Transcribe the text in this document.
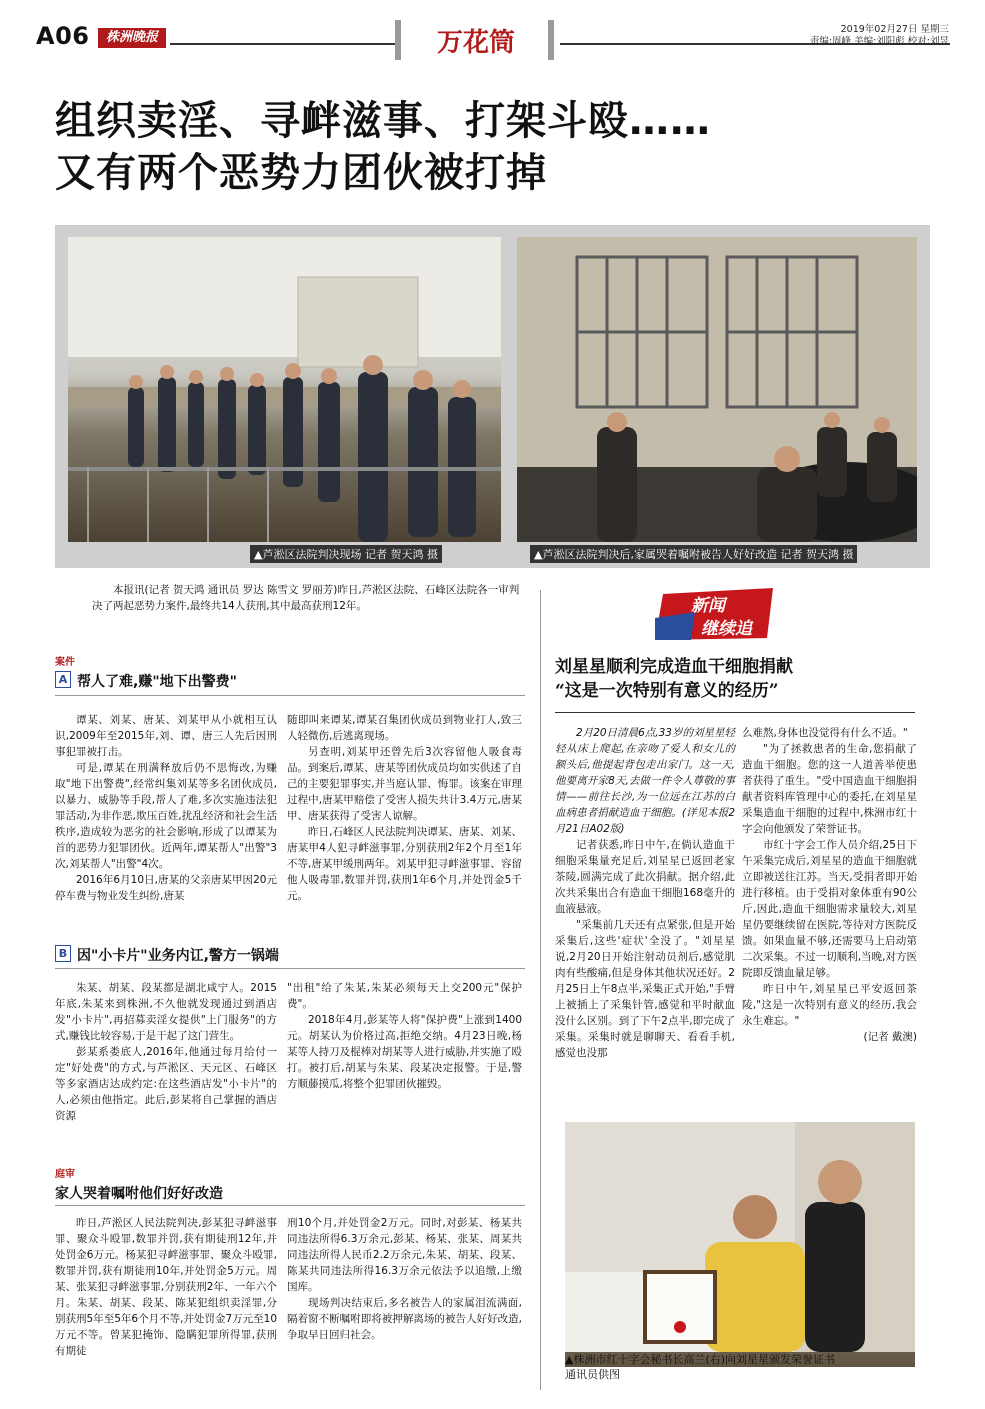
A06	株洲晚报	万花筒	2019年02月27日 星期三
责编:周峰 美编:刘阳彪 校对:刘昱
组织卖淫、寻衅滋事、打架斗殴……
又有两个恶势力团伙被打掉
▲芦淞区法院判决现场 记者 贺天鸿 摄	▲芦淞区法院判决后,家属哭着嘱咐被告人好好改造 记者 贺天鸿 摄
本报讯(记者 贺天鸿 通讯员 罗达 陈雪文 罗丽芳)昨日,芦淞区法院、石峰区法院各一审判决了两起恶势力案件,最终共14人获刑,其中最高获刑12年。
案件
A 帮人了难,赚"地下出警费"

谭某、刘某、唐某、刘某甲从小就相互认识,2009年至2015年,刘、谭、唐三人先后因刑事犯罪被打击。

可是,谭某在刑满释放后仍不思悔改,为赚取"地下出警费",经常纠集刘某等多名团伙成员,以暴力、威胁等手段,帮人了难,多次实施违法犯罪活动,为非作恶,欺压百姓,扰乱经济和社会生活秩序,造成较为恶劣的社会影响,形成了以谭某为首的恶势力犯罪团伙。近两年,谭某帮人"出警"3次,刘某帮人"出警"4次。

2016年6月10日,唐某的父亲唐某甲因20元停车费与物业发生纠纷,唐某

随即叫来谭某,谭某召集团伙成员到物业打人,致三人轻微伤,后逃离现场。

另查明,刘某甲还曾先后3次容留他人吸食毒品。到案后,谭某、唐某等团伙成员均如实供述了自己的主要犯罪事实,并当庭认罪、悔罪。该案在审理过程中,唐某甲赔偿了受害人损失共计3.4万元,唐某甲、唐某获得了受害人谅解。

昨日,石峰区人民法院判决谭某、唐某、刘某、唐某甲4人犯寻衅滋事罪,分别获刑2年2个月至1年不等,唐某甲缓刑两年。刘某甲犯寻衅滋事罪、容留他人吸毒罪,数罪并罚,获刑1年6个月,并处罚金5千元。

B 因"小卡片"业务内讧,警方一锅端

朱某、胡某、段某都是湖北咸宁人。2015年底,朱某来到株洲,不久他就发现通过到酒店发"小卡片",再招募卖淫女提供"上门服务"的方式,赚钱比较容易,于是干起了这门营生。

彭某系娄底人,2016年,他通过每月给付一定"好处费"的方式,与芦淞区、天元区、石峰区等多家酒店达成约定:在这些酒店发"小卡片"的人,必须由他指定。此后,彭某将自己掌握的酒店资源

"出租"给了朱某,朱某必须每天上交200元"保护费"。

2018年4月,彭某等人将"保护费"上涨到1400元。胡某认为价格过高,拒绝交纳。4月23日晚,杨某等人持刀及棍棒对胡某等人进行威胁,并实施了殴打。被打后,胡某与朱某、段某决定报警。于是,警方顺藤摸瓜,将整个犯罪团伙摧毁。

庭审
家人哭着嘱咐他们好好改造

昨日,芦淞区人民法院判决,彭某犯寻衅滋事罪、聚众斗殴罪,数罪并罚,获有期徒刑12年,并处罚金6万元。杨某犯寻衅滋事罪、聚众斗殴罪,数罪并罚,获有期徒刑10年,并处罚金5万元。周某、张某犯寻衅滋事罪,分别获刑2年、一年六个月。朱某、胡某、段某、陈某犯组织卖淫罪,分别获刑5年至5年6个月不等,并处罚金7万元至10万元不等。曾某犯掩饰、隐瞒犯罪所得罪,获刑有期徒

刑10个月,并处罚金2万元。同时,对彭某、杨某共同违法所得6.3万余元,彭某、杨某、张某、周某共同违法所得人民币2.2万余元,朱某、胡某、段某、陈某共同违法所得16.3万余元依法予以追缴,上缴国库。

现场判决结束后,多名被告人的家属泪流满面,隔着窗不断嘱咐即将被押解离场的被告人好好改造,争取早日回归社会。

新闻
继续追
刘星星顺利完成造血干细胞捐献
“这是一次特别有意义的经历”

2月20日清晨6点,33岁的刘星星轻轻从床上爬起,在亲吻了爱人和女儿的额头后,他提起背包走出家门。这一天,他要离开家8天,去做一件令人尊敬的事情——前往长沙,为一位远在江苏的白血病患者捐献造血干细胞。(详见本报2月21日A02版)

记者获悉,昨日中午,在倘认造血干细胞采集量充足后,刘星星已返回老家茶陵,圆满完成了此次捐献。据介绍,此次共采集出合有造血干细胞168毫升的血液悬液。

"采集前几天还有点紧张,但是开始采集后,这些'症状'全没了。"刘星星说,2月20日开始注射动员剂后,感觉肌肉有些酸痛,但是身体其他状况还好。2月25日上午8点半,采集正式开始,"手臂上被插上了采集针管,感觉和平时献血没什么区别。到了下午2点半,即完成了采集。采集时就是聊聊天、看看手机,感觉也没那

么难熬,身体也没觉得有什么不适。"

"为了拯救患者的生命,您捐献了造血干细胞。您的这一人道善举使患者获得了重生。"受中国造血干细胞捐献者资料库管理中心的委托,在刘星星采集造血干细胞的过程中,株洲市红十字会向他颁发了荣誉证书。

市红十字会工作人员介绍,25日下午采集完成后,刘星星的造血干细胞就立即被送往江苏。当天,受捐者即开始进行移植。由于受捐对象体重有90公斤,因此,造血干细胞需求量较大,刘星星仍要继续留在医院,等待对方医院反馈。如果血量不够,还需要马上启动第二次采集。不过一切顺利,当晚,对方医院即反馈血量足够。

昨日中午,刘星星已平安返回茶陵,"这是一次特别有意义的经历,我会永生难忘。"

(记者 戴澳)
▲株洲市红十字会秘书长高兰(右)向刘星星颁发荣誉证书
通讯员供图
